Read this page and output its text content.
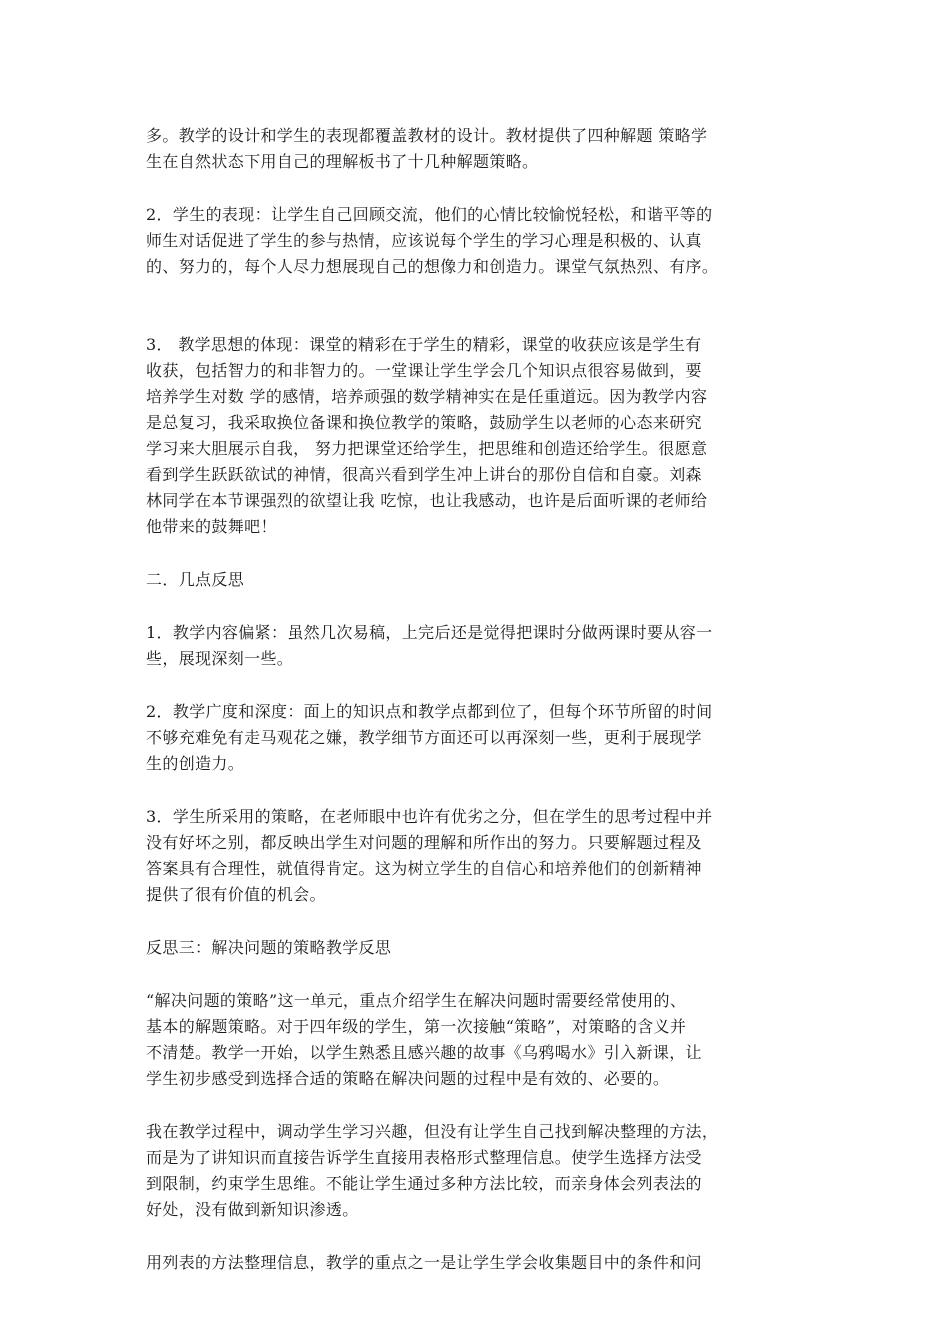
多。教学的设计和学生的表现都覆盖教材的设计。教材提供了四种解题 策略学
生在自然状态下用自己的理解板书了十几种解题策略。

2．学生的表现：让学生自己回顾交流，他们的心情比较愉悦轻松，和谐平等的
师生对话促进了学生的参与热情，应该说每个学生的学习心理是积极的、认真
的、努力的，每个人尽力想展现自己的想像力和创造力。课堂气氛热烈、有序。

3． 教学思想的体现：课堂的精彩在于学生的精彩，课堂的收获应该是学生有
收获，包括智力的和非智力的。一堂课让学生学会几个知识点很容易做到，要
培养学生对数 学的感情，培养顽强的数学精神实在是任重道远。因为教学内容
是总复习，我采取换位备课和换位教学的策略，鼓励学生以老师的心态来研究
学习来大胆展示自我， 努力把课堂还给学生，把思维和创造还给学生。很愿意
看到学生跃跃欲试的神情，很高兴看到学生冲上讲台的那份自信和自豪。刘森
林同学在本节课强烈的欲望让我 吃惊，也让我感动，也许是后面听课的老师给
他带来的鼓舞吧！

二．几点反思

1．教学内容偏紧：虽然几次易稿，上完后还是觉得把课时分做两课时要从容一
些，展现深刻一些。

2．教学广度和深度：面上的知识点和教学点都到位了，但每个环节所留的时间
不够充难免有走马观花之嫌，教学细节方面还可以再深刻一些，更利于展现学
生的创造力。

3．学生所采用的策略，在老师眼中也许有优劣之分，但在学生的思考过程中并
没有好坏之别，都反映出学生对问题的理解和所作出的努力。只要解题过程及
答案具有合理性，就值得肯定。这为树立学生的自信心和培养他们的创新精神
提供了很有价值的机会。

反思三：解决问题的策略教学反思

“解决问题的策略”这一单元，重点介绍学生在解决问题时需要经常使用的、
基本的解题策略。对于四年级的学生，第一次接触“策略”，对策略的含义并
不清楚。教学一开始，以学生熟悉且感兴趣的故事《乌鸦喝水》引入新课，让
学生初步感受到选择合适的策略在解决问题的过程中是有效的、必要的。

我在教学过程中，调动学生学习兴趣，但没有让学生自己找到解决整理的方法，
而是为了讲知识而直接告诉学生直接用表格形式整理信息。使学生选择方法受
到限制，约束学生思维。不能让学生通过多种方法比较，而亲身体会列表法的
好处，没有做到新知识渗透。

用列表的方法整理信息，教学的重点之一是让学生学会收集题目中的条件和问
